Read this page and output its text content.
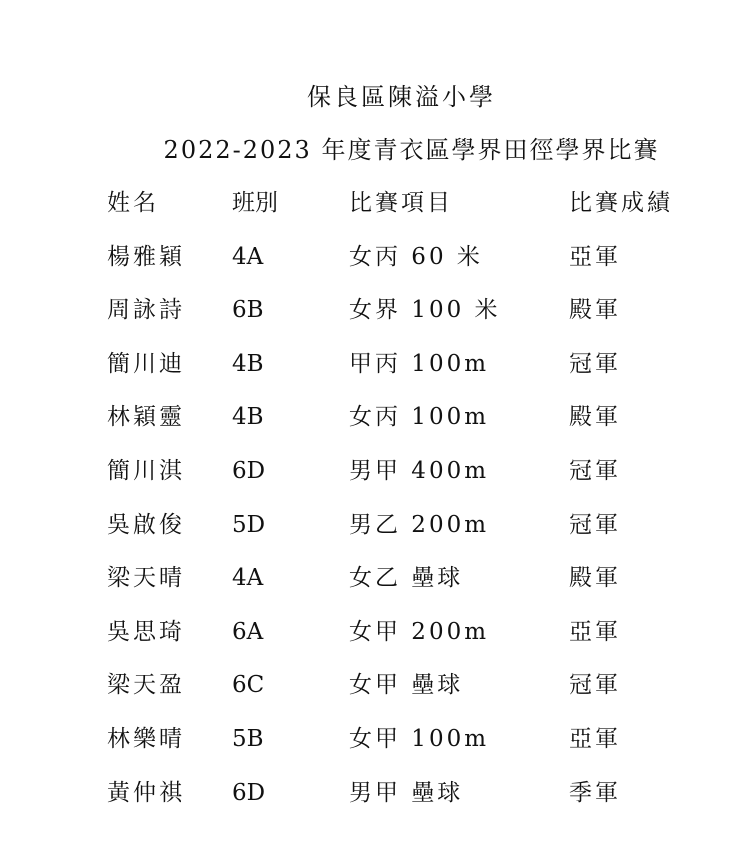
保良區陳溢小學
2022-2023 年度青衣區學界田徑學界比賽
姓名	班別	比賽項目	比賽成績
楊雅穎 4A	女丙 60 米	亞軍
周詠詩 6B	女界 100 米	殿軍
簡川迪 4B	甲丙 100m	冠軍
林穎靈 4B	女丙 100m	殿軍
簡川淇 6D	男甲 400m	冠軍
吳啟俊 5D	男乙 200m	冠軍
梁天晴 4A	女乙 壘球	殿軍
吳思琦 6A	女甲 200m	亞軍
梁天盈 6C	女甲 壘球	冠軍
林樂晴 5B	女甲 100m	亞軍
黃仲祺 6D	男甲 壘球	季軍
